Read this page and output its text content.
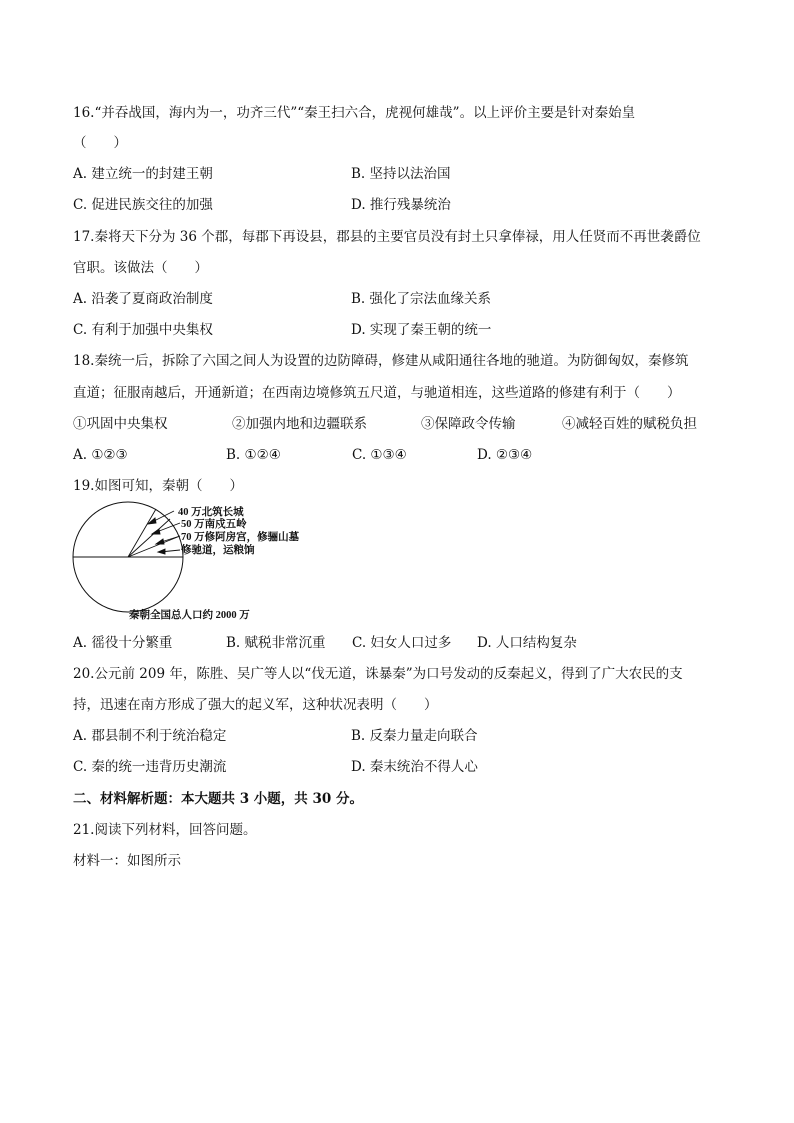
16.“并吞战国，海内为一，功齐三代”“秦王扫六合，虎视何雄哉”。以上评价主要是针对秦始皇
（　　）
A. 建立统一的封建王朝	B. 坚持以法治国
C. 促进民族交往的加强	D. 推行残暴统治
17.秦将天下分为 36 个郡，每郡下再设县，郡县的主要官员没有封土只拿俸禄，用人任贤而不再世袭爵位
官职。该做法（　　）
A. 沿袭了夏商政治制度	B. 强化了宗法血缘关系
C. 有利于加强中央集权	D. 实现了秦王朝的统一
18.秦统一后，拆除了六国之间人为设置的边防障碍，修建从咸阳通往各地的驰道。为防御匈奴，秦修筑
直道；征服南越后，开通新道；在西南边境修筑五尺道，与驰道相连，这些道路的修建有利于（　　）
①巩固中央集权	②加强内地和边疆联系	③保障政令传输	④减轻百姓的赋税负担
A. ①②③	B. ①②④	C. ①③④	D. ②③④
19.如图可知，秦朝（　　）
40 万北筑长城
50 万南戍五岭
70 万修阿房宫，修骊山墓
修驰道，运粮饷
秦朝全国总人口约 2000 万
A. 徭役十分繁重	B. 赋税非常沉重 C. 妇女人口过多 D. 人口结构复杂
20.公元前 209 年，陈胜、吴广等人以“伐无道，诛暴秦”为口号发动的反秦起义，得到了广大农民的支
持，迅速在南方形成了强大的起义军，这种状况表明（　　）
A. 郡县制不利于统治稳定	B. 反秦力量走向联合
C. 秦的统一违背历史潮流	D. 秦末统治不得人心
二、材料解析题：本大题共 3 小题，共 30 分。
21.阅读下列材料，回答问题。
材料一：如图所示
